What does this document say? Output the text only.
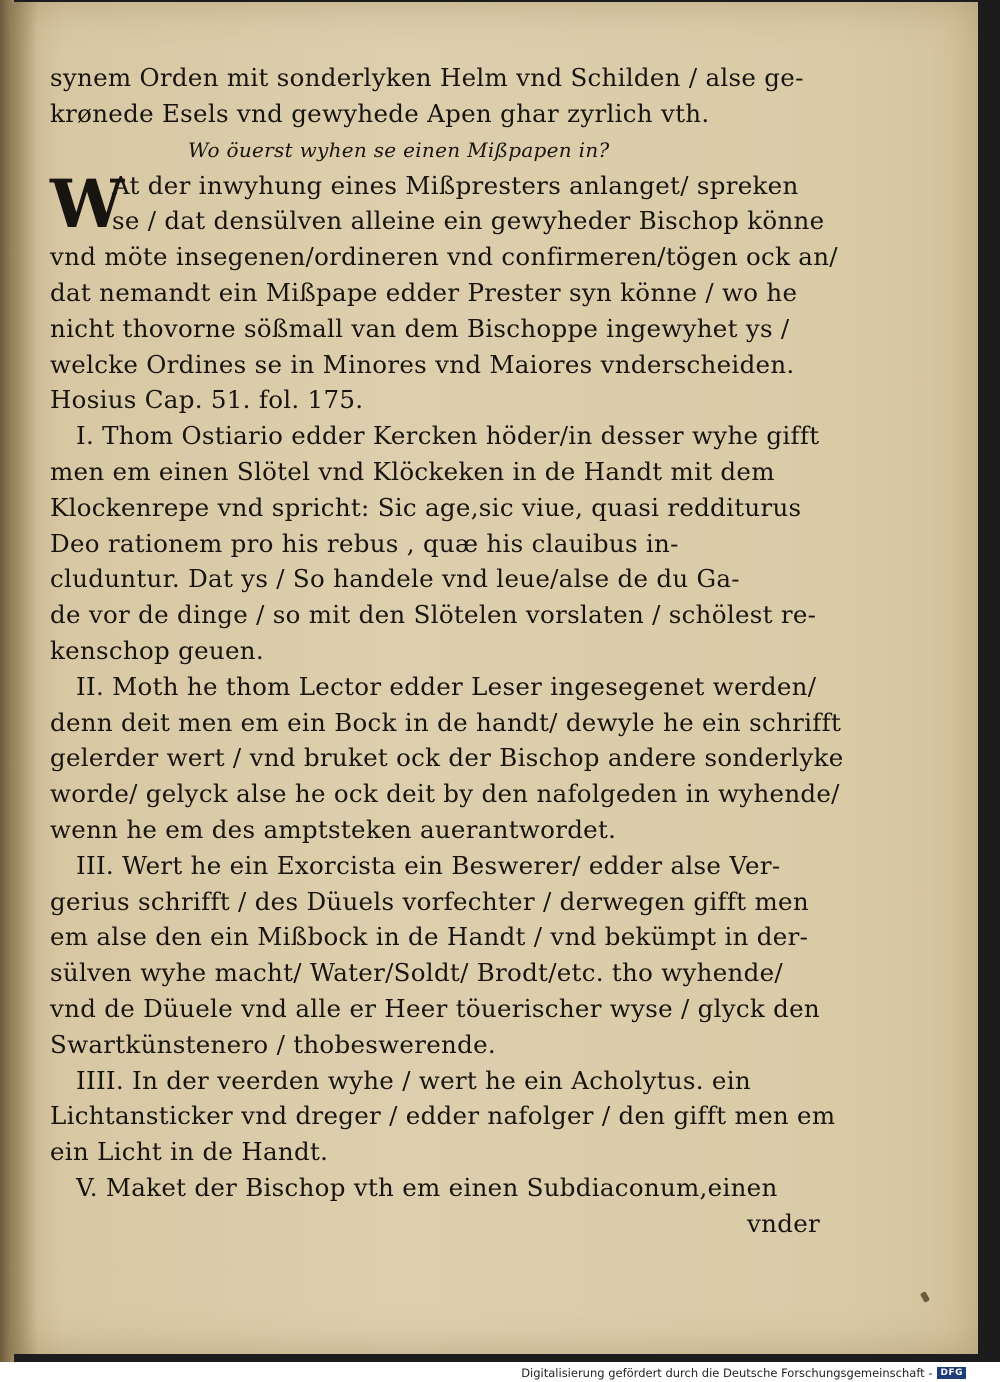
synem Orden mit sonderlyken Helm vnd Schilden / alse ge-
krønede Esels vnd gewyhede Apen ghar zyrlich vth.
Wo öuerst wyhen se einen Mißpapen in?
W
At der inwyhung eines Mißpresters anlanget/ spreken
se / dat densülven alleine ein gewyheder Bischop könne
vnd möte insegenen/ordineren vnd confirmeren/tögen ock an/
dat nemandt ein Mißpape edder Prester syn könne / wo he
nicht thovorne sößmall van dem Bischoppe ingewyhet ys /
welcke Ordines se in Minores vnd Maiores vnderscheiden.
Hosius Cap. 51. fol. 175.
I. Thom Ostiario edder Kercken höder/in desser wyhe gifft
men em einen Slötel vnd Klöckeken in de Handt mit dem
Klockenrepe vnd spricht: Sic age,sic viue, quasi redditurus
Deo rationem pro his rebus , quæ his clauibus in-
cluduntur. Dat ys / So handele vnd leue/alse de du Ga-
de vor de dinge / so mit den Slötelen vorslaten / schölest re-
kenschop geuen.
II. Moth he thom Lector edder Leser ingesegenet werden/
denn deit men em ein Bock in de handt/ dewyle he ein schrifft
gelerder wert / vnd bruket ock der Bischop andere sonderlyke
worde/ gelyck alse he ock deit by den nafolgeden in wyhende/
wenn he em des amptsteken auerantwordet.
III. Wert he ein Exorcista ein Beswerer/ edder alse Ver-
gerius schrifft / des Düuels vorfechter / derwegen gifft men
em alse den ein Mißbock in de Handt / vnd bekümpt in der-
sülven wyhe macht/ Water/Soldt/ Brodt/etc. tho wyhende/
vnd de Düuele vnd alle er Heer töuerischer wyse / glyck den
Swartkünstenero / thobeswerende.
IIII. In der veerden wyhe / wert he ein Acholytus. ein
Lichtansticker vnd dreger / edder nafolger / den gifft men em
ein Licht in de Handt.
V. Maket der Bischop vth em einen Subdiaconum,einen
vnder
Digitalisierung gefördert durch die Deutsche Forschungsgemeinschaft - DFG
